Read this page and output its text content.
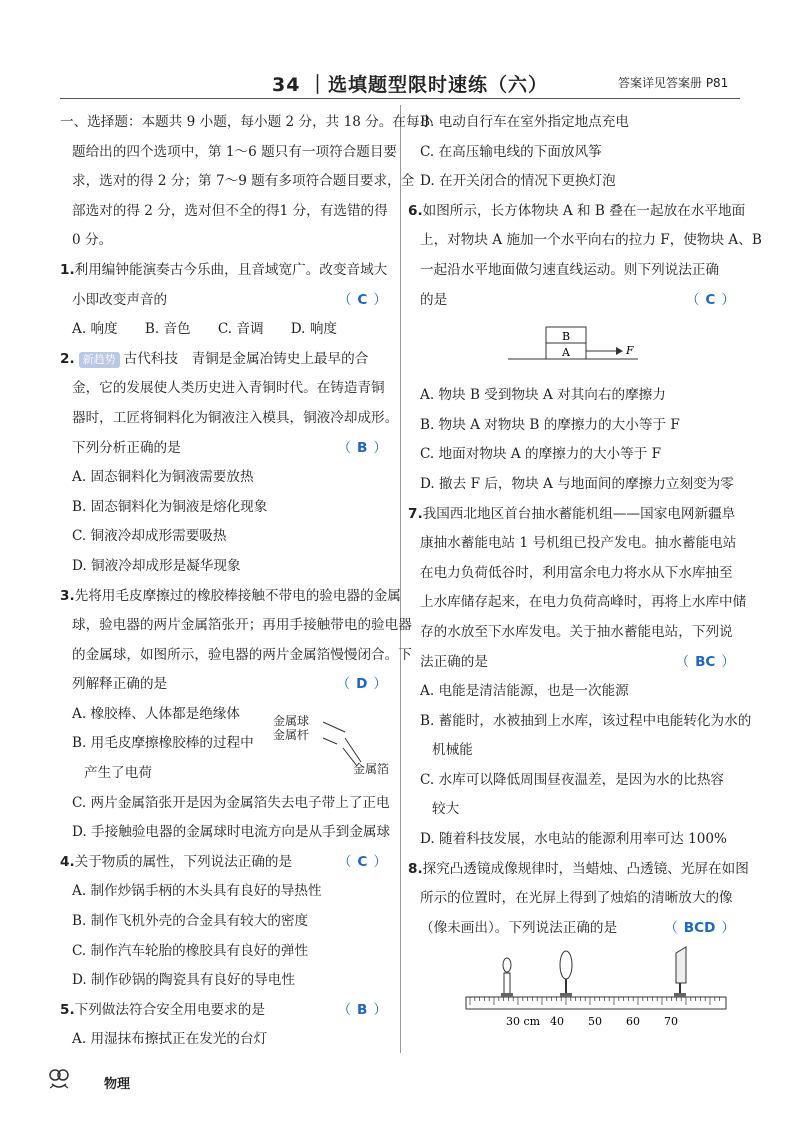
34 ｜选填题型限时速练（六）	答案详见答案册 P81
一、选择题：本题共 9 小题，每小题 2 分，共 18 分。在每小
题给出的四个选项中，第 1～6 题只有一项符合题目要
求，选对的得 2 分；第 7～9 题有多项符合题目要求，全
部选对的得 2 分，选对但不全的得1 分，有选错的得
0 分。
1.利用编钟能演奏古今乐曲，且音域宽广。改变音域大
小即改变声音的	（ C ）
A. 响度　　B. 音色　　C. 音调　　D. 响度
2. 新趋势 古代科技　青铜是金属冶铸史上最早的合
金，它的发展使人类历史进入青铜时代。在铸造青铜
器时，工匠将铜料化为铜液注入模具，铜液冷却成形。
下列分析正确的是	（ B ）
A. 固态铜料化为铜液需要放热
B. 固态铜料化为铜液是熔化现象
C. 铜液冷却成形需要吸热
D. 铜液冷却成形是凝华现象
3.先将用毛皮摩擦过的橡胶棒接触不带电的验电器的金属
球，验电器的两片金属箔张开；再用手接触带电的验电器
的金属球，如图所示，验电器的两片金属箔慢慢闭合。下
列解释正确的是	（ D ）
A. 橡胶棒、人体都是绝缘体
B. 用毛皮摩擦橡胶棒的过程中
产生了电荷
C. 两片金属箔张开是因为金属箔失去电子带上了正电
D. 手接触验电器的金属球时电流方向是从手到金属球
4.关于物质的属性，下列说法正确的是	（ C ）
A. 制作炒锅手柄的木头具有良好的导热性
B. 制作飞机外壳的合金具有较大的密度
C. 制作汽车轮胎的橡胶具有良好的弹性
D. 制作砂锅的陶瓷具有良好的导电性
5.下列做法符合安全用电要求的是	（ B ）
A. 用湿抹布擦拭正在发光的台灯
金属球
金属杆
金属箔
B. 电动自行车在室外指定地点充电
C. 在高压输电线的下面放风筝
D. 在开关闭合的情况下更换灯泡
6.如图所示，长方体物块 A 和 B 叠在一起放在水平地面
上，对物块 A 施加一个水平向右的拉力 F，使物块 A、B
一起沿水平地面做匀速直线运动。则下列说法正确
的是	（ C ）
B
A	F
A. 物块 B 受到物块 A 对其向右的摩擦力
B. 物块 A 对物块 B 的摩擦力的大小等于 F
C. 地面对物块 A 的摩擦力的大小等于 F
D. 撤去 F 后，物块 A 与地面间的摩擦力立刻变为零
7.我国西北地区首台抽水蓄能机组——国家电网新疆阜
康抽水蓄能电站 1 号机组已投产发电。抽水蓄能电站
在电力负荷低谷时，利用富余电力将水从下水库抽至
上水库储存起来，在电力负荷高峰时，再将上水库中储
存的水放至下水库发电。关于抽水蓄能电站，下列说
法正确的是	（ BC ）
A. 电能是清洁能源，也是一次能源
B. 蓄能时，水被抽到上水库，该过程中电能转化为水的
机械能
C. 水库可以降低周围昼夜温差，是因为水的比热容
较大
D. 随着科技发展，水电站的能源利用率可达 100%
8.探究凸透镜成像规律时，当蜡烛、凸透镜、光屏在如图
所示的位置时，在光屏上得到了烛焰的清晰放大的像
（像未画出）。下列说法正确的是	（ BCD ）
30 cm 40 50 60 70
物理
